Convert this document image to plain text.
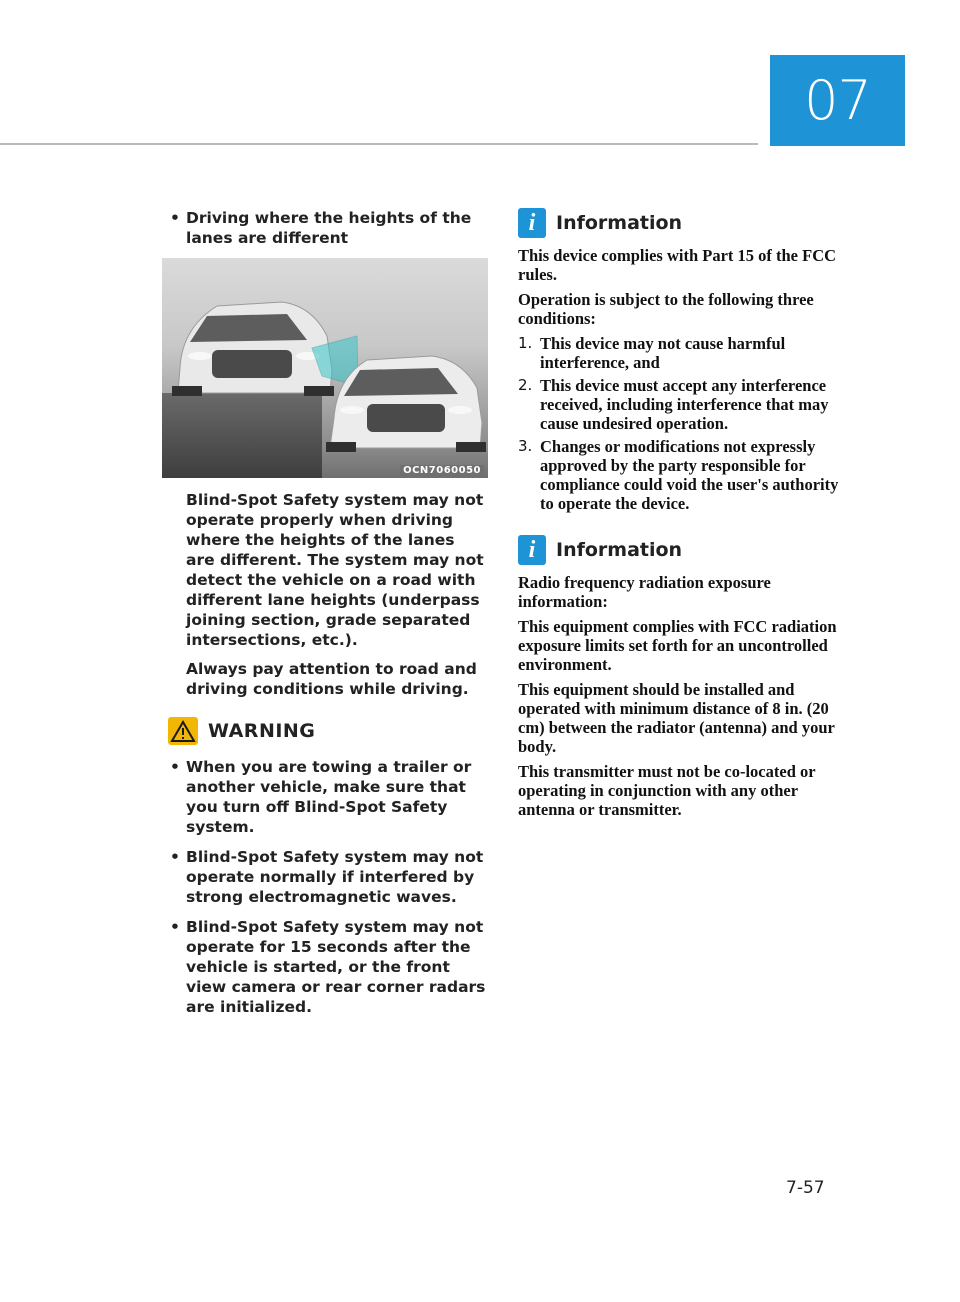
07
• Driving where the heights of the lanes are different
OCN7060050

Blind-Spot Safety system may not operate properly when driving where the heights of the lanes are different. The system may not detect the vehicle on a road with different lane heights (underpass joining section, grade separated intersections, etc.).

Always pay attention to road and driving conditions while driving.

WARNING
• When you are towing a trailer or another vehicle, make sure that you turn off Blind-Spot Safety system.
• Blind-Spot Safety system may not operate normally if interfered by strong electromagnetic waves.
• Blind-Spot Safety system may not operate for 15 seconds after the vehicle is started, or the front view camera or rear corner radars are initialized.
i	Information

This device complies with Part 15 of the FCC rules.

Operation is subject to the following three conditions:

1. This device may not cause harmful interference, and
2. This device must accept any interference received, including interference that may cause undesired operation.
3. Changes or modifications not expressly approved by the party responsible for compliance could void the user's authority to operate the device.
i	Information

Radio frequency radiation exposure information:

This equipment complies with FCC radiation exposure limits set forth for an uncontrolled environment.

This equipment should be installed and operated with minimum distance of 8 in. (20 cm) between the radiator (antenna) and your body.

This transmitter must not be co-located or operating in conjunction with any other antenna or transmitter.

7-57
